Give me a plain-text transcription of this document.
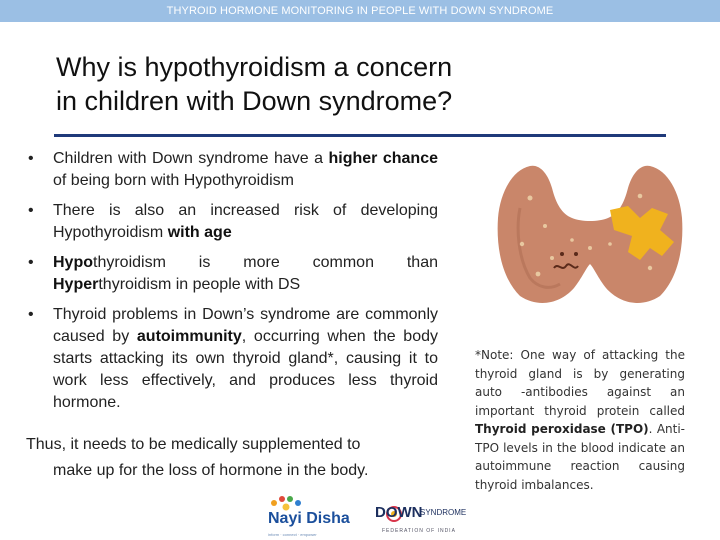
THYROID HORMONE MONITORING IN PEOPLE WITH DOWN SYNDROME
Why is hypothyroidism a concern
in children with Down syndrome?
• Children with Down syndrome have a higher chance of being born with Hypothyroidism
• There is also an increased risk of developing Hypothyroidism with age
• Hypothyroidism is more common than Hyperthyroidism in people with DS
• Thyroid problems in Down’s syndrome are commonly caused by autoimmunity, occurring when the body starts attacking its own thyroid gland*, causing it to work less effectively, and produces less thyroid hormone.

Thus, it needs to be medically supplemented to
make up for the loss of hormone in the body.

*Note: One way of attacking the thyroid gland is by generating auto -antibodies against an important thyroid protein called Thyroid peroxidase (TPO). Anti-TPO levels in the blood indicate an autoimmune reaction causing thyroid imbalances.

Nayi Disha

inform · connect · empower

DOWN

SYNDROME

FEDERATION OF INDIA
